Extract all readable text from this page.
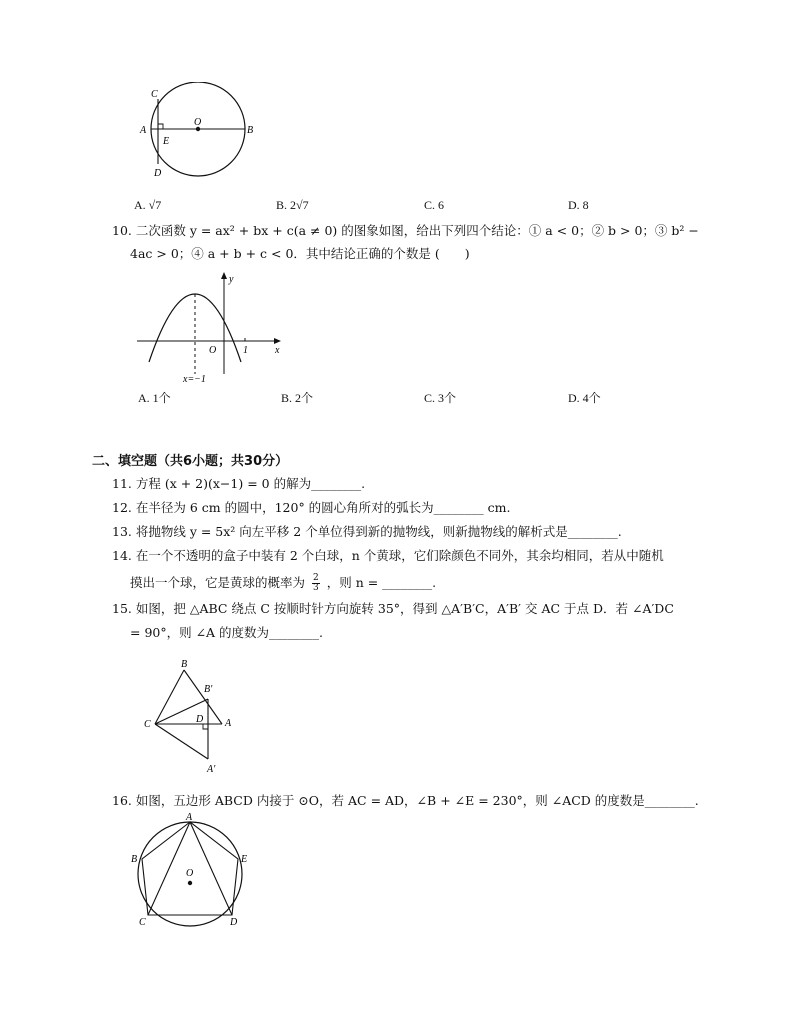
C
A
E
D
O
B
A. √7	B. 2√7	C. 6	D. 8
10. 二次函数 y = ax² + bx + c(a ≠ 0) 的图象如图，给出下列四个结论：① a < 0；② b > 0；③ b² −
4ac > 0；④ a + b + c < 0．其中结论正确的个数是 (　　)
y
x
O	1
x=−1
A. 1个	B. 2个	C. 3个	D. 4个
二、填空题（共6小题；共30分）
11. 方程 (x + 2)(x−1) = 0 的解为________.
12. 在半径为 6 cm 的圆中，120° 的圆心角所对的弧长为________ cm.
13. 将抛物线 y = 5x² 向左平移 2 个单位得到新的抛物线，则新抛物线的解析式是________.
14. 在一个不透明的盒子中装有 2 个白球，n 个黄球，它们除颜色不同外，其余均相同，若从中随机
摸出一个球，它是黄球的概率为 $\frac{2}{3}$ ，则 n = ________.
15. 如图，把 △ABC 绕点 C 按顺时针方向旋转 35°，得到 △A′B′C，A′B′ 交 AC 于点 D．若 ∠A′DC
= 90°，则 ∠A 的度数为________.
B
B′
C	D A
A′
16. 如图，五边形 ABCD 内接于 ⊙O，若 AC = AD，∠B + ∠E = 230°，则 ∠ACD 的度数是________.
A
B
C	D
E
O
